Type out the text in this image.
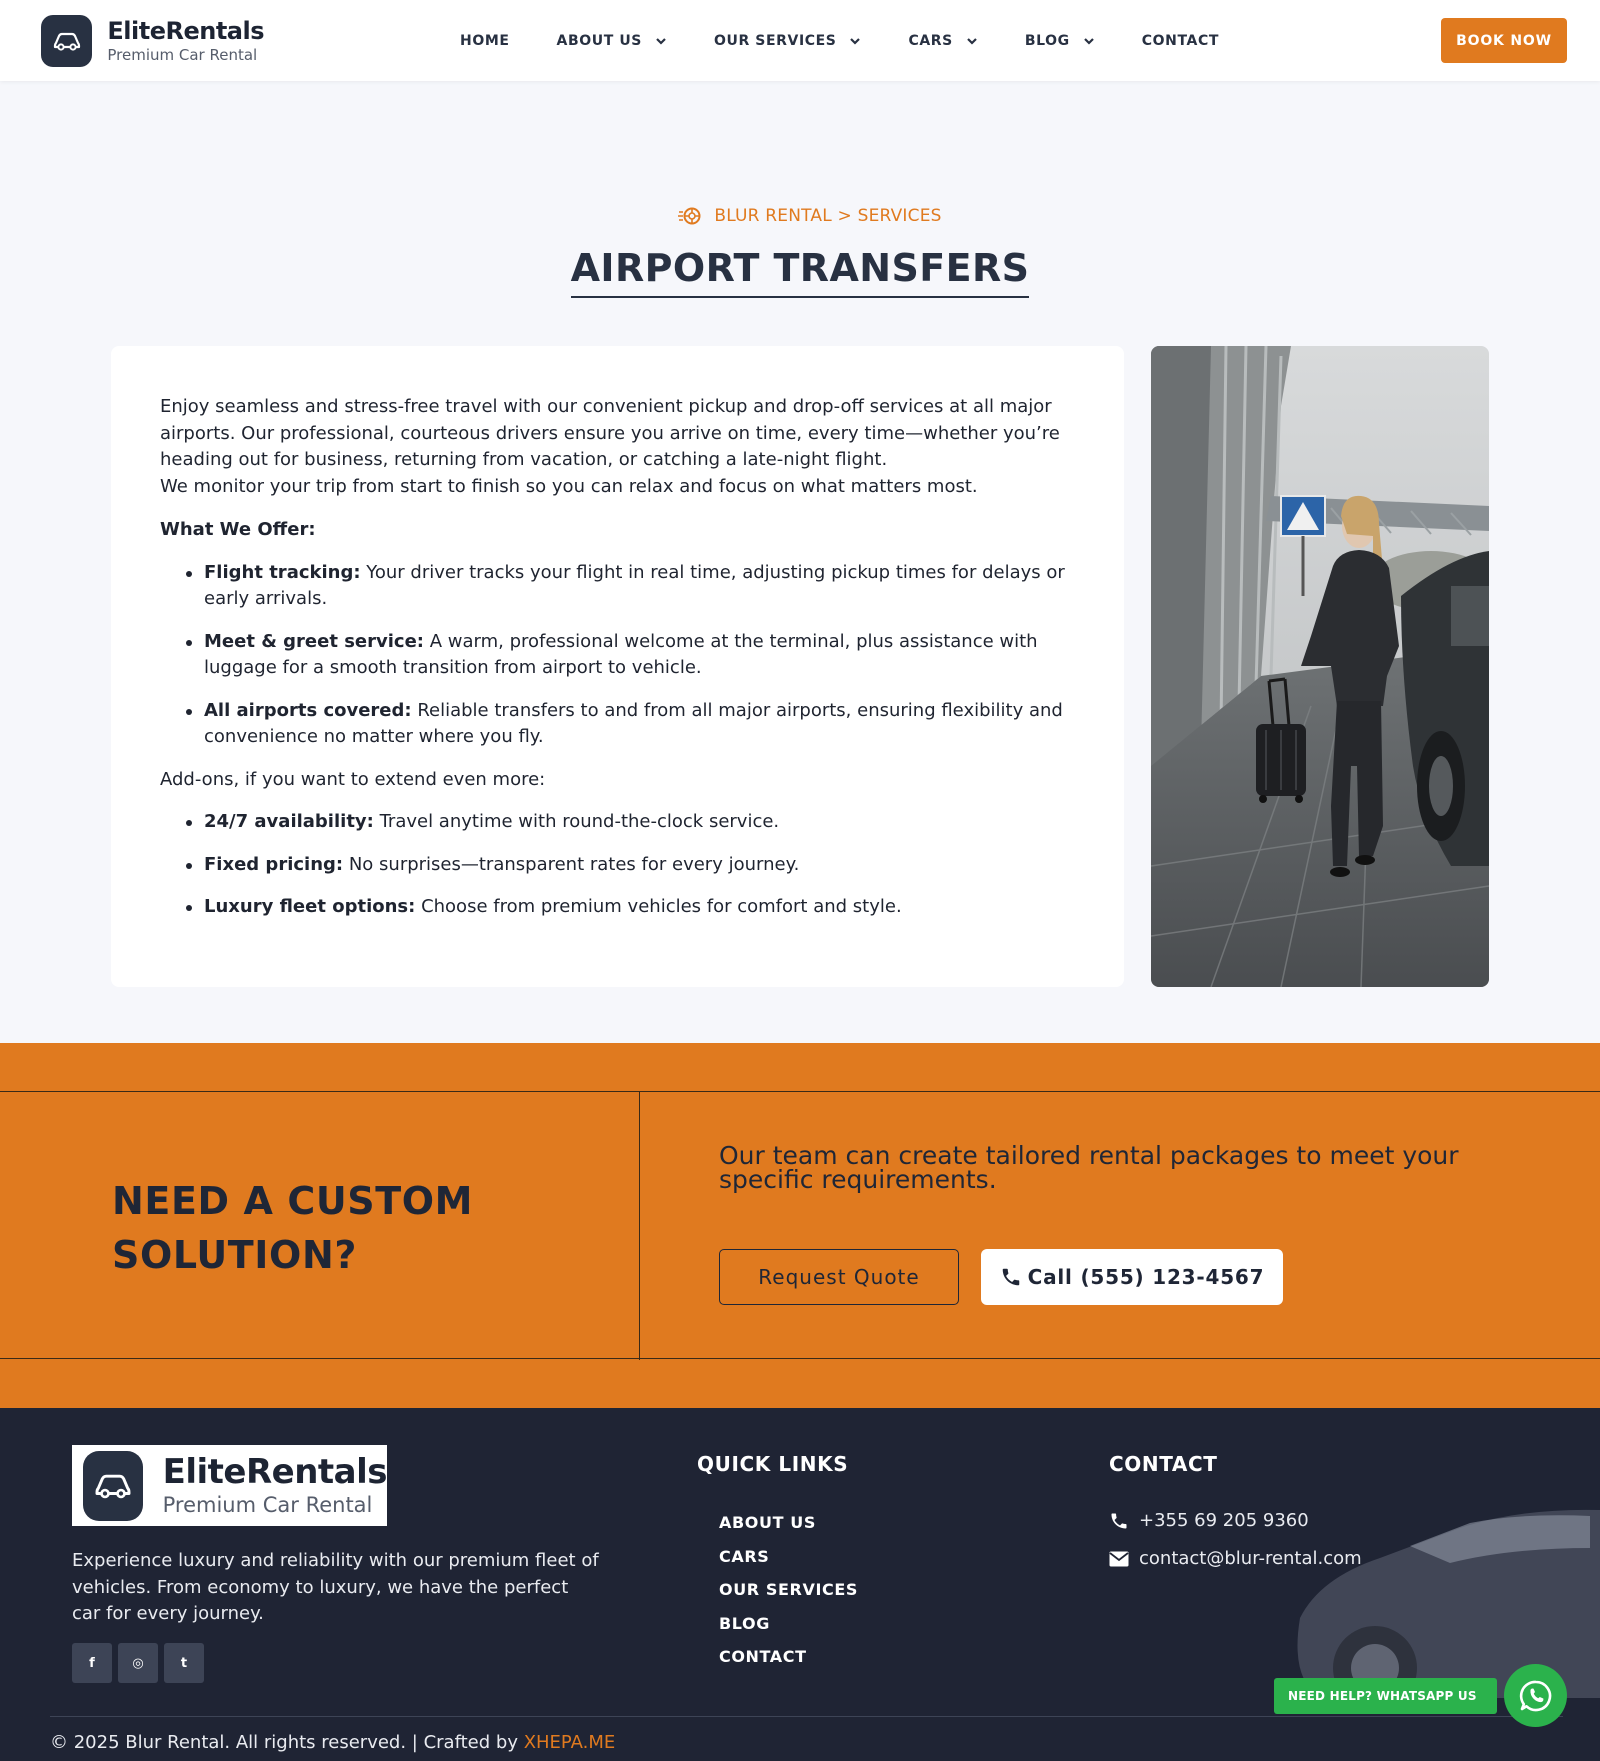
EliteRentals
Premium Car Rental
HOME	ABOUT US	OUR SERVICES	CARS	BLOG	CONTACT	BOOK NOW
BLUR RENTAL > SERVICES
AIRPORT TRANSFERS

Enjoy seamless and stress-free travel with our convenient pickup and drop-off services at all major airports. Our professional, courteous drivers ensure you arrive on time, every time—whether you’re heading out for business, returning from vacation, or catching a late-night flight.
We monitor your trip from start to finish so you can relax and focus on what matters most.

What We Offer:

Flight tracking: Your driver tracks your flight in real time, adjusting pickup times for delays or early arrivals.
Meet & greet service: A warm, professional welcome at the terminal, plus assistance with luggage for a smooth transition from airport to vehicle.
All airports covered: Reliable transfers to and from all major airports, ensuring flexibility and convenience no matter where you fly.

Add-ons, if you want to extend even more:

24/7 availability: Travel anytime with round-the-clock service.
Fixed pricing: No surprises—transparent rates for every journey.
Luxury fleet options: Choose from premium vehicles for comfort and style.
NEED A CUSTOM SOLUTION?
Our team can create tailored rental packages to meet your specific requirements.
Request Quote	Call (555) 123-4567
EliteRentals
Premium Car Rental
Experience luxury and reliability with our premium fleet of vehicles. From economy to luxury, we have the perfect car for every journey.
f	◎	t
QUICK LINKS
ABOUT US
CARS
OUR SERVICES
BLOG
CONTACT
CONTACT
+355 69 205 9360
contact@blur-rental.com
© 2025 Blur Rental. All rights reserved. | Crafted by XHEPA.ME
NEED HELP? WHATSAPP US
